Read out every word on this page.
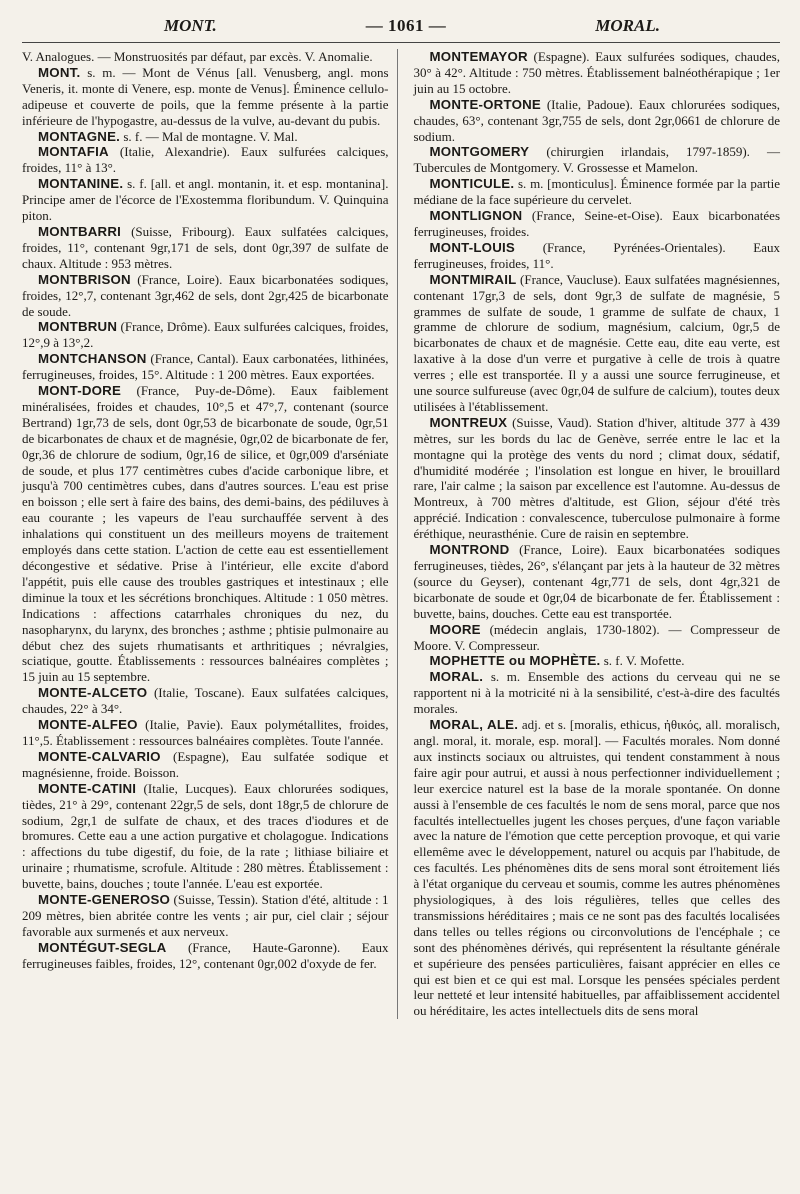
MONT.	— 1061 —	MORAL.

V. Analogues. — Monstruosités par défaut, par excès. V. Anomalie.

MONT. s. m. — Mont de Vénus [all. Venusberg, angl. mons Veneris, it. monte di Venere, esp. monte de Venus]. Éminence cellulo-adipeuse et couverte de poils, que la femme présente à la partie inférieure de l'hypogastre, au-dessus de la vulve, au-devant du pubis.

MONTAGNE. s. f. — Mal de montagne. V. Mal.

MONTAFIA (Italie, Alexandrie). Eaux sulfurées calciques, froides, 11° à 13°.

MONTANINE. s. f. [all. et angl. montanin, it. et esp. montanina]. Principe amer de l'écorce de l'Exostemma floribundum. V. Quinquina piton.

MONTBARRI (Suisse, Fribourg). Eaux sulfatées calciques, froides, 11°, contenant 9gr,171 de sels, dont 0gr,397 de sulfate de chaux. Altitude : 953 mètres.

MONTBRISON (France, Loire). Eaux bicarbonatées sodiques, froides, 12°,7, contenant 3gr,462 de sels, dont 2gr,425 de bicarbonate de soude.

MONTBRUN (France, Drôme). Eaux sulfurées calciques, froides, 12°,9 à 13°,2.

MONTCHANSON (France, Cantal). Eaux carbonatées, lithinées, ferrugineuses, froides, 15°. Altitude : 1 200 mètres. Eaux exportées.

MONT-DORE (France, Puy-de-Dôme). Eaux faiblement minéralisées, froides et chaudes, 10°,5 et 47°,7, contenant (source Bertrand) 1gr,73 de sels, dont 0gr,53 de bicarbonate de soude, 0gr,51 de bicarbonates de chaux et de magnésie, 0gr,02 de bicarbonate de fer, 0gr,36 de chlorure de sodium, 0gr,16 de silice, et 0gr,009 d'arséniate de soude, et plus 177 centimètres cubes d'acide carbonique libre, et jusqu'à 700 centimètres cubes, dans d'autres sources. L'eau est prise en boisson ; elle sert à faire des bains, des demi-bains, des pédiluves à eau courante ; les vapeurs de l'eau surchauffée servent à des inhalations qui constituent un des meilleurs moyens de traitement employés dans cette station. L'action de cette eau est essentiellement décongestive et sédative. Prise à l'intérieur, elle excite d'abord l'appétit, puis elle cause des troubles gastriques et intestinaux ; elle diminue la toux et les sécrétions bronchiques. Altitude : 1 050 mètres. Indications : affections catarrhales chroniques du nez, du nasopharynx, du larynx, des bronches ; asthme ; phtisie pulmonaire au début chez des sujets rhumatisants et arthritiques ; névralgies, sciatique, goutte. Établissements : ressources balnéaires complètes ; 15 juin au 15 septembre.

MONTE-ALCETO (Italie, Toscane). Eaux sulfatées calciques, chaudes, 22° à 34°.

MONTE-ALFEO (Italie, Pavie). Eaux polymétallites, froides, 11°,5. Établissement : ressources balnéaires complètes. Toute l'année.

MONTE-CALVARIO (Espagne), Eau sulfatée sodique et magnésienne, froide. Boisson.

MONTE-CATINI (Italie, Lucques). Eaux chlorurées sodiques, tièdes, 21° à 29°, contenant 22gr,5 de sels, dont 18gr,5 de chlorure de sodium, 2gr,1 de sulfate de chaux, et des traces d'iodures et de bromures. Cette eau a une action purgative et cholagogue. Indications : affections du tube digestif, du foie, de la rate ; lithiase biliaire et urinaire ; rhumatisme, scrofule. Altitude : 280 mètres. Établissement : buvette, bains, douches ; toute l'année. L'eau est exportée.

MONTE-GENEROSO (Suisse, Tessin). Station d'été, altitude : 1 209 mètres, bien abritée contre les vents ; air pur, ciel clair ; séjour favorable aux surmenés et aux nerveux.

MONTÉGUT-SEGLA (France, Haute-Garonne). Eaux ferrugineuses faibles, froides, 12°, contenant 0gr,002 d'oxyde de fer.

MONTEMAYOR (Espagne). Eaux sulfurées sodiques, chaudes, 30° à 42°. Altitude : 750 mètres. Établissement balnéothérapique ; 1er juin au 15 octobre.

MONTE-ORTONE (Italie, Padoue). Eaux chlorurées sodiques, chaudes, 63°, contenant 3gr,755 de sels, dont 2gr,0661 de chlorure de sodium.

MONTGOMERY (chirurgien irlandais, 1797-1859). — Tubercules de Montgomery. V. Grossesse et Mamelon.

MONTICULE. s. m. [monticulus]. Éminence formée par la partie médiane de la face supérieure du cervelet.

MONTLIGNON (France, Seine-et-Oise). Eaux bicarbonatées ferrugineuses, froides.

MONT-LOUIS (France, Pyrénées-Orientales). Eaux ferrugineuses, froides, 11°.

MONTMIRAIL (France, Vaucluse). Eaux sulfatées magnésiennes, contenant 17gr,3 de sels, dont 9gr,3 de sulfate de magnésie, 5 grammes de sulfate de soude, 1 gramme de sulfate de chaux, 1 gramme de chlorure de sodium, magnésium, calcium, 0gr,5 de bicarbonates de chaux et de magnésie. Cette eau, dite eau verte, est laxative à la dose d'un verre et purgative à celle de trois à quatre verres ; elle est transportée. Il y a aussi une source ferrugineuse, et une source sulfureuse (avec 0gr,04 de sulfure de calcium), toutes deux utilisées à l'établissement.

MONTREUX (Suisse, Vaud). Station d'hiver, altitude 377 à 439 mètres, sur les bords du lac de Genève, serrée entre le lac et la montagne qui la protège des vents du nord ; climat doux, sédatif, d'humidité modérée ; l'insolation est longue en hiver, le brouillard rare, l'air calme ; la saison par excellence est l'automne. Au-dessus de Montreux, à 700 mètres d'altitude, est Glion, séjour d'été très apprécié. Indication : convalescence, tuberculose pulmonaire à forme éréthique, neurasthénie. Cure de raisin en septembre.

MONTROND (France, Loire). Eaux bicarbonatées sodiques ferrugineuses, tièdes, 26°, s'élançant par jets à la hauteur de 32 mètres (source du Geyser), contenant 4gr,771 de sels, dont 4gr,321 de bicarbonate de soude et 0gr,04 de bicarbonate de fer. Établissement : buvette, bains, douches. Cette eau est transportée.

MOORE (médecin anglais, 1730-1802). — Compresseur de Moore. V. Compresseur.

MOPHETTE ou MOPHÈTE. s. f. V. Mofette.

MORAL. s. m. Ensemble des actions du cerveau qui ne se rapportent ni à la motricité ni à la sensibilité, c'est-à-dire des facultés morales.

MORAL, ALE. adj. et s. [moralis, ethicus, ἠθικός, all. moralisch, angl. moral, it. morale, esp. moral]. — Facultés morales. Nom donné aux instincts sociaux ou altruistes, qui tendent constamment à nous faire agir pour autrui, et aussi à nous perfectionner individuellement ; leur exercice naturel est la base de la morale spontanée. On donne aussi à l'ensemble de ces facultés le nom de sens moral, parce que nos facultés intellectuelles jugent les choses perçues, d'une façon variable avec la nature de l'émotion que cette perception provoque, et qui varie ellemême avec le développement, naturel ou acquis par l'habitude, de ces facultés. Les phénomènes dits de sens moral sont étroitement liés à l'état organique du cerveau et soumis, comme les autres phénomènes physiologiques, à des lois régulières, telles que celles des transmissions héréditaires ; mais ce ne sont pas des facultés localisées dans telles ou telles régions ou circonvolutions de l'encéphale ; ce sont des phénomènes dérivés, qui représentent la résultante générale et supérieure des pensées particulières, faisant apprécier en elles ce qui est bien et ce qui est mal. Lorsque les pensées spéciales perdent leur netteté et leur intensité habituelles, par affaiblissement accidentel ou héréditaire, les actes intellectuels dits de sens moral
